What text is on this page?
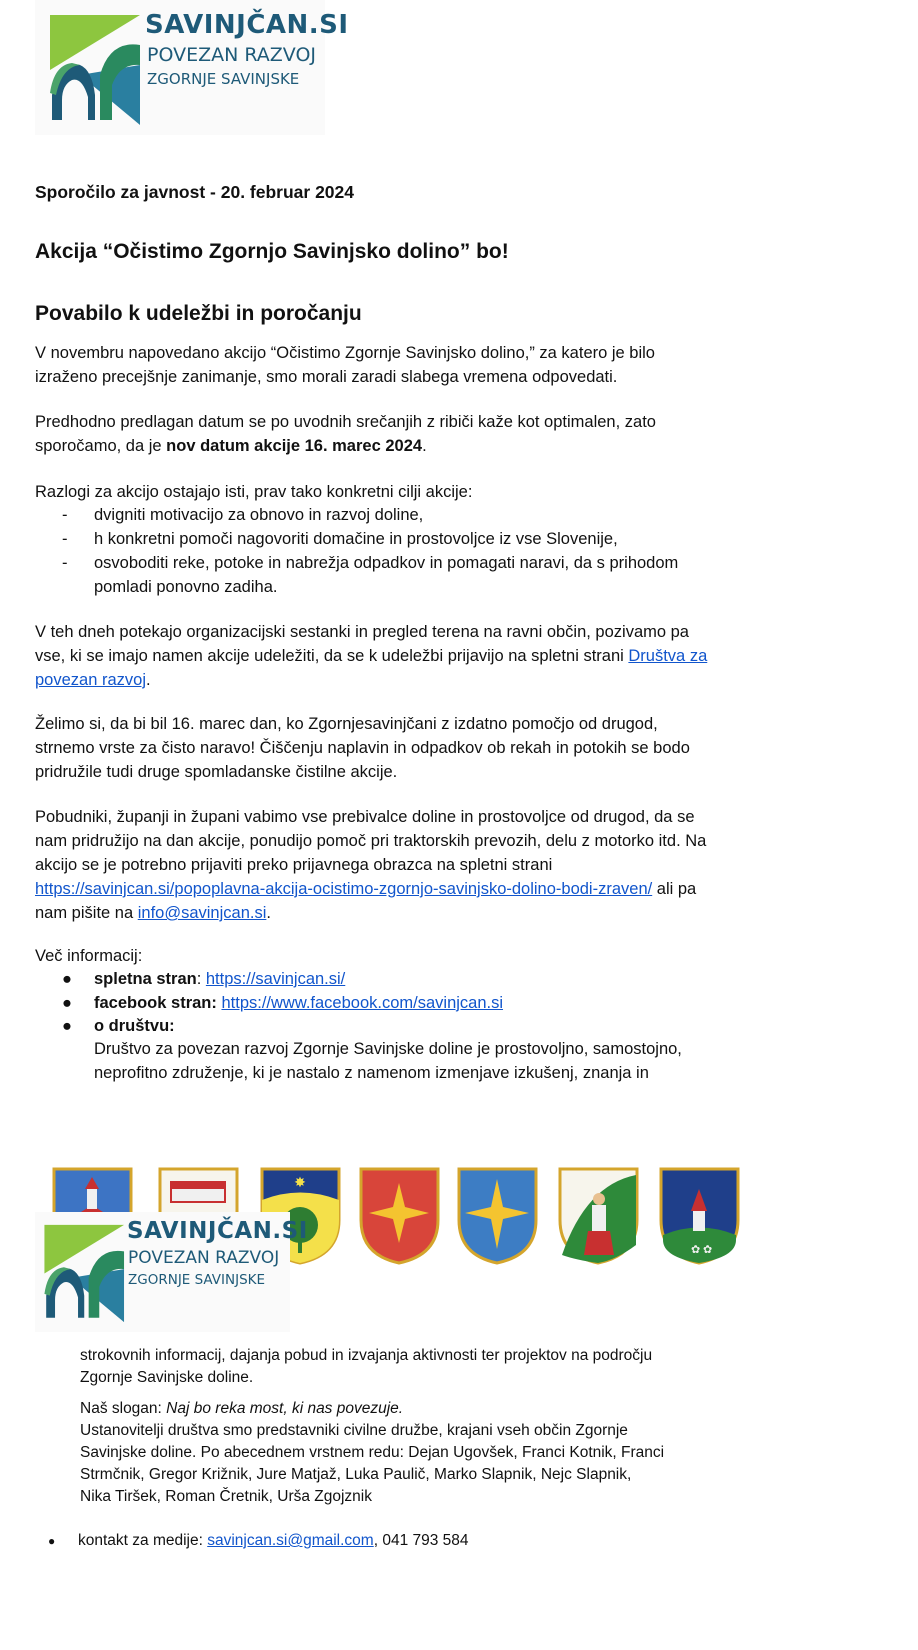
SAVINJČAN.SI
POVEZAN RAZVOJ
ZGORNJE SAVINJSKE
Sporočilo za javnost - 20. februar 2024
Akcija “Očistimo Zgornjo Savinjsko dolino” bo!
Povabilo k udeležbi in poročanju
V novembru napovedano akcijo “Očistimo Zgornje Savinjsko dolino,” za katero je bilo
izraženo precejšnje zanimanje, smo morali zaradi slabega vremena odpovedati.
Predhodno predlagan datum se po uvodnih srečanjih z ribiči kaže kot optimalen, zato
sporočamo, da je nov datum akcije 16. marec 2024.
Razlogi za akcijo ostajajo isti, prav tako konkretni cilji akcije:
- dvigniti motivacijo za obnovo in razvoj doline,
- h konkretni pomoči nagovoriti domačine in prostovoljce iz vse Slovenije,
- osvoboditi reke, potoke in nabrežja odpadkov in pomagati naravi, da s prihodom
pomladi ponovno zadiha.
V teh dneh potekajo organizacijski sestanki in pregled terena na ravni občin, pozivamo pa
vse, ki se imajo namen akcije udeležiti, da se k udeležbi prijavijo na spletni strani Društva za
povezan razvoj.
Želimo si, da bi bil 16. marec dan, ko Zgornjesavinjčani z izdatno pomočjo od drugod,
strnemo vrste za čisto naravo! Čiščenju naplavin in odpadkov ob rekah in potokih se bodo
pridružile tudi druge spomladanske čistilne akcije.
Pobudniki, županji in župani vabimo vse prebivalce doline in prostovoljce od drugod, da se
nam pridružijo na dan akcije, ponudijo pomoč pri traktorskih prevozih, delu z motorko itd. Na
akcijo se je potrebno prijaviti preko prijavnega obrazca na spletni strani
https://savinjcan.si/popoplavna-akcija-ocistimo-zgornjo-savinjsko-dolino-bodi-zraven/ ali pa
nam pišite na info@savinjcan.si.
Več informacij:
● spletna stran: https://savinjcan.si/
● facebook stran: https://www.facebook.com/savinjcan.si
● o društvu:
Društvo za povezan razvoj Zgornje Savinjske doline je prostovoljno, samostojno,
neprofitno združenje, ki je nastalo z namenom izmenjave izkušenj, znanja in
✸
✿ ✿
SAVINJČAN.SI
POVEZAN RAZVOJ
ZGORNJE SAVINJSKE
strokovnih informacij, dajanja pobud in izvajanja aktivnosti ter projektov na področju
Zgornje Savinjske doline.
Naš slogan: Naj bo reka most, ki nas povezuje.
Ustanovitelji društva smo predstavniki civilne družbe, krajani vseh občin Zgornje
Savinjske doline. Po abecednem vrstnem redu: Dejan Ugovšek, Franci Kotnik, Franci
Strmčnik, Gregor Križnik, Jure Matjaž, Luka Paulič, Marko Slapnik, Nejc Slapnik,
Nika Tiršek, Roman Čretnik, Urša Zgojznik
● kontakt za medije: savinjcan.si@gmail.com, 041 793 584
